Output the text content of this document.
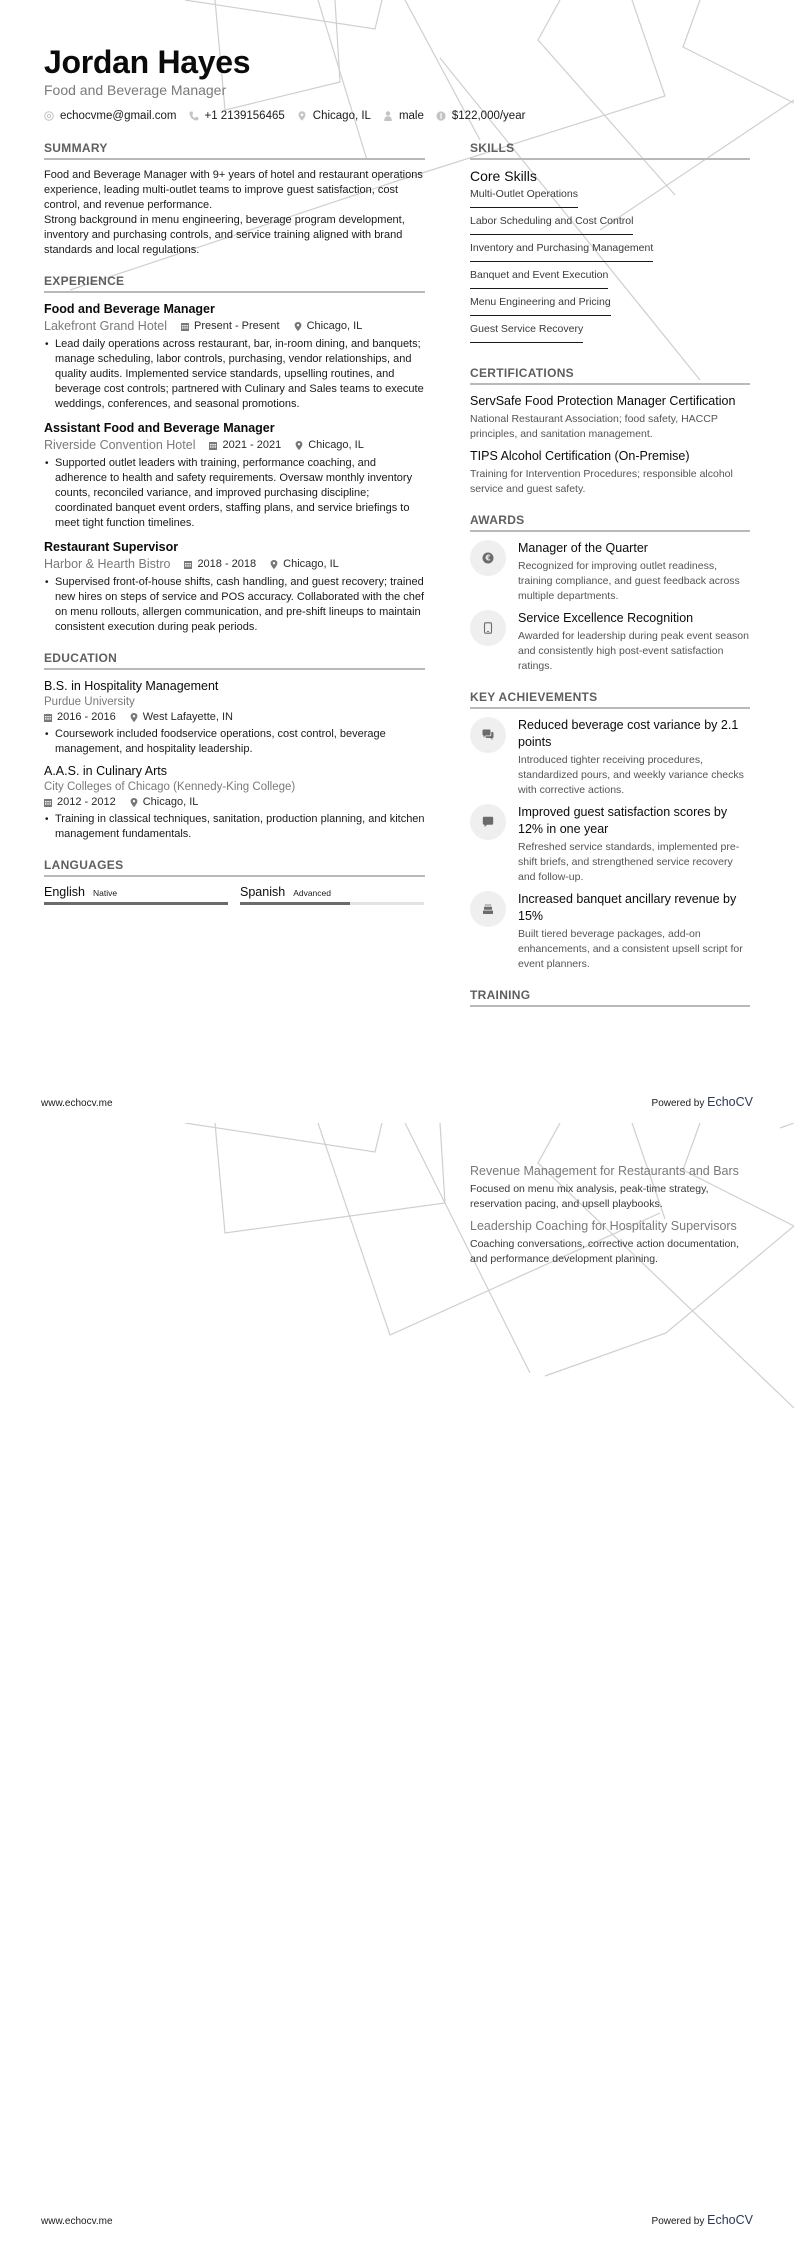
Jordan Hayes
Food and Beverage Manager
echocvme@gmail.com +1 2139156465 Chicago, IL male $122,000/year
SUMMARY

Food and Beverage Manager with 9+ years of hotel and restaurant operations experience, leading multi-outlet teams to improve guest satisfaction, cost control, and revenue performance.

Strong background in menu engineering, beverage program development, inventory and purchasing controls, and service training aligned with brand standards and local regulations.

EXPERIENCE
Food and Beverage Manager
Lakefront Grand Hotel Present - Present Chicago, IL
• Lead daily operations across restaurant, bar, in-room dining, and banquets; manage scheduling, labor controls, purchasing, vendor relationships, and quality audits. Implemented service standards, upselling routines, and beverage cost controls; partnered with Culinary and Sales teams to execute weddings, conferences, and seasonal promotions.
Assistant Food and Beverage Manager
Riverside Convention Hotel 2021 - 2021 Chicago, IL
• Supported outlet leaders with training, performance coaching, and adherence to health and safety requirements. Oversaw monthly inventory counts, reconciled variance, and improved purchasing discipline; coordinated banquet event orders, staffing plans, and service briefings to meet tight function timelines.
Restaurant Supervisor
Harbor & Hearth Bistro 2018 - 2018 Chicago, IL
• Supervised front-of-house shifts, cash handling, and guest recovery; trained new hires on steps of service and POS accuracy. Collaborated with the chef on menu rollouts, allergen communication, and pre-shift lineups to maintain consistent execution during peak periods.
EDUCATION
B.S. in Hospitality Management
Purdue University
2016 - 2016 West Lafayette, IN
• Coursework included foodservice operations, cost control, beverage management, and hospitality leadership.
A.A.S. in Culinary Arts
City Colleges of Chicago (Kennedy-King College)
2012 - 2012 Chicago, IL
• Training in classical techniques, sanitation, production planning, and kitchen management fundamentals.
LANGUAGES
English Native	Spanish Advanced
SKILLS
Core Skills
Multi-Outlet Operations
Labor Scheduling and Cost Control
Inventory and Purchasing Management
Banquet and Event Execution
Menu Engineering and Pricing
Guest Service Recovery
CERTIFICATIONS
ServSafe Food Protection Manager Certification
National Restaurant Association; food safety, HACCP principles, and sanitation management.
TIPS Alcohol Certification (On-Premise)
Training for Intervention Procedures; responsible alcohol service and guest safety.
AWARDS
€
Manager of the Quarter
Recognized for improving outlet readiness, training compliance, and guest feedback across multiple departments.
Service Excellence Recognition
Awarded for leadership during peak event season and consistently high post-event satisfaction ratings.
KEY ACHIEVEMENTS
Reduced beverage cost variance by 2.1 points
Introduced tighter receiving procedures, standardized pours, and weekly variance checks with corrective actions.
Improved guest satisfaction scores by 12% in one year
Refreshed service standards, implemented pre-shift briefs, and strengthened service recovery and follow-up.
Increased banquet ancillary revenue by 15%
Built tiered beverage packages, add-on enhancements, and a consistent upsell script for event planners.
TRAINING
www.echocv.me	Powered by EchoCV
Revenue Management for Restaurants and Bars
Focused on menu mix analysis, peak-time strategy, reservation pacing, and upsell playbooks.
Leadership Coaching for Hospitality Supervisors
Coaching conversations, corrective action documentation, and performance development planning.
www.echocv.me	Powered by EchoCV
